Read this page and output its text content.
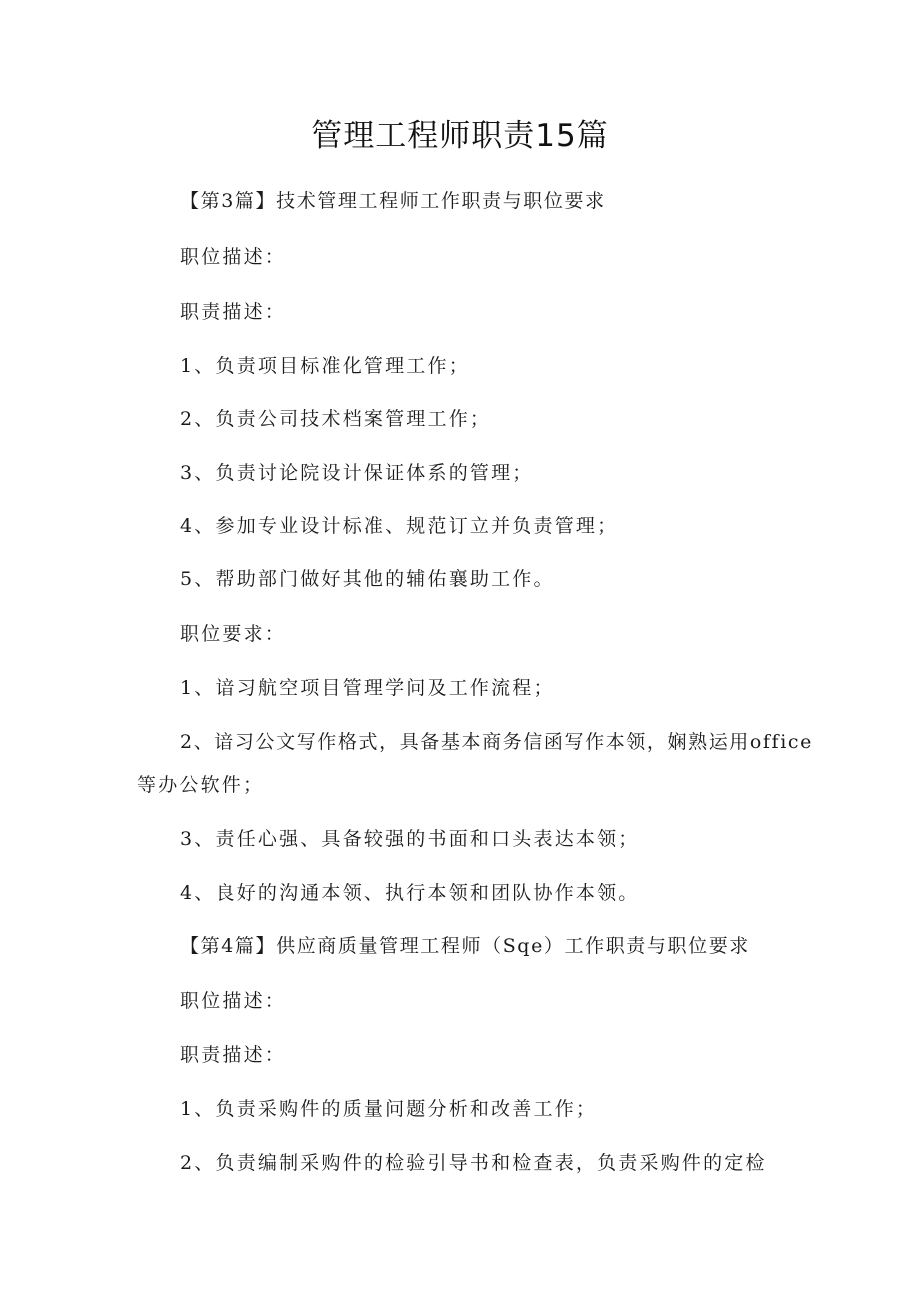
管理工程师职责15篇
【第3篇】技术管理工程师工作职责与职位要求
职位描述：
职责描述：
1、负责项目标准化管理工作；
2、负责公司技术档案管理工作；
3、负责讨论院设计保证体系的管理；
4、参加专业设计标准、规范订立并负责管理；
5、帮助部门做好其他的辅佑襄助工作。
职位要求：
1、谙习航空项目管理学问及工作流程；
2、谙习公文写作格式，具备基本商务信函写作本领，娴熟运用office
等办公软件；
3、责任心强、具备较强的书面和口头表达本领；
4、良好的沟通本领、执行本领和团队协作本领。
【第4篇】供应商质量管理工程师（Sqe）工作职责与职位要求
职位描述：
职责描述：
1、负责采购件的质量问题分析和改善工作；
2、负责编制采购件的检验引导书和检查表，负责采购件的定检
